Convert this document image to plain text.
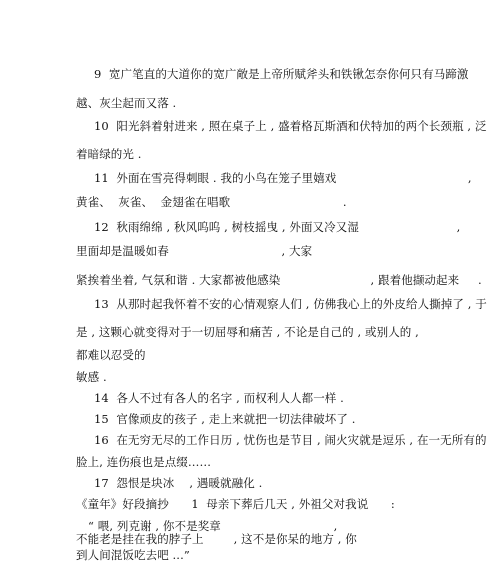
9  宽广笔直的大道你的宽广敞是上帝所赋斧头和铁锹怎奈你何只有马蹄激

越、灰尘起而又落 .

10  阳光斜着射进来 , 照在桌子上 , 盛着格瓦斯酒和伏特加的两个长颈瓶 , 泛

着暗绿的光 .

11  外面在雪亮得刺眼 . 我的小鸟在笼子里嬉戏                                   ,

黄雀、  灰雀、  金翅雀在唱歌                              .

12  秋雨绵绵 , 秋风呜呜 , 树枝摇曳 , 外面又冷又湿                          ,

里面却是温暖如春                              , 大家

紧挨着坐着, 气氛和谐 . 大家都被他感染                        , 跟着他撷动起来     .

13  从那时起我怀着不安的心情观察人们 , 仿佛我心上的外皮给人撕掉了 , 于

是 , 这颗心就变得对于一切屈辱和痛苦 , 不论是自己的 , 或别人的 ,

都难以忍受的

敏感 .

14  各人不过有各人的名字 , 而权利人人都一样 .

15  官像顽皮的孩子 , 走上来就把一切法律破坏了 .

16  在无穷无尽的工作日历 , 忧伤也是节目 , 闹火灾就是逗乐 , 在一无所有的

脸上, 连伤痕也是点缀……

17  怨恨是块冰    , 遇暖就融化 .

《童年》好段摘抄      1  母亲下葬后几天 , 外祖父对我说      :

“ 喂, 列克谢 , 你不是奖章                              ,

不能老是挂在我的脖子上        , 这不是你呆的地方 , 你

到人间混饭吃去吧 ...”
